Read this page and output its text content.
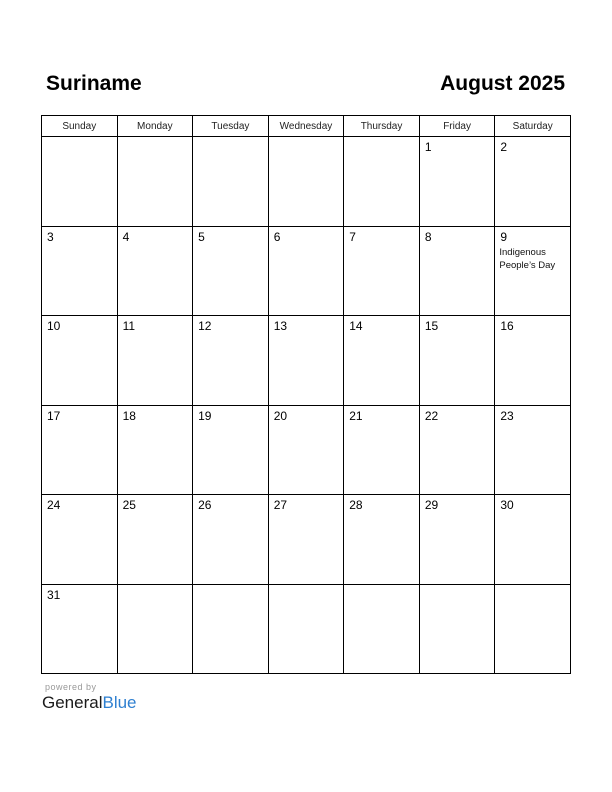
Suriname	August 2025
Sunday	Monday	Tuesday	Wednesday	Thursday	Friday	Saturday

					1	2

3	4	5	6	7	8	9
Indigenous People’s Day

10	11	12	13	14	15	16

17	18	19	20	21	22	23

24	25	26	27	28	29	30

31						

powered by
GeneralBlue
